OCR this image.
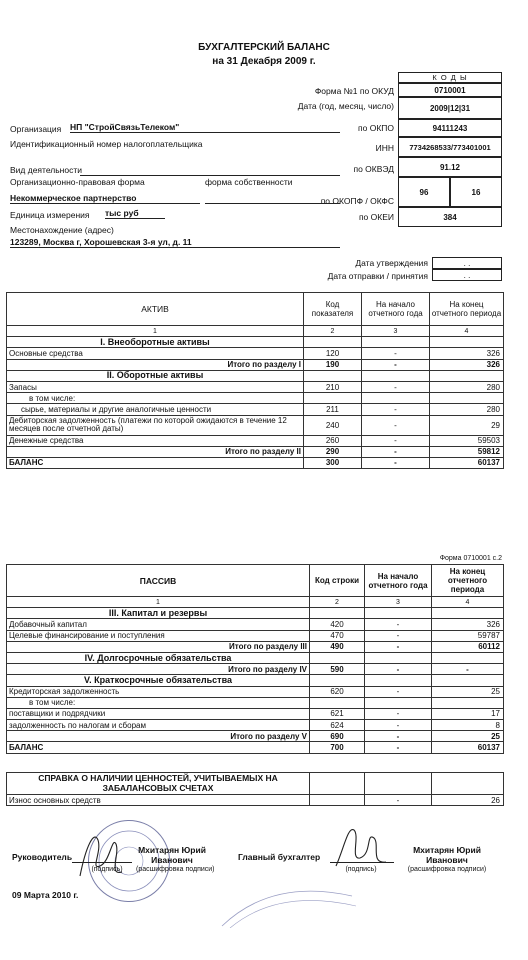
БУХГАЛТЕРСКИЙ БАЛАНС
на 31 Декабря 2009 г.
К О Д Ы
Форма №1 по ОКУД	0710001
Дата (год, месяц, число)	2009|12|31
по ОКПО	94111243
ИНН	7734268533/773401001
по ОКВЭД	91.12
по ОКОПФ / ОКФС
96	16
по ОКЕИ	384
Организация НП "СтройСвязьТелеком"
Идентификационный номер налогоплательщика
Вид деятельности
Организационно-правовая форма	форма собственности
Некоммерческое партнерство
Единица измерения тыс руб
Местонахождение (адрес)
123289, Москва г, Хорошевская 3-я ул, д. 11
Дата утверждения	. .
Дата отправки / принятия	. .
АКТИВ	Код показателя	На начало отчетного года	На конец отчетного периода
1	2	3	4
I. Внеоборотные активы			
Основные средства	120	-	326
Итого по разделу I	190	-	326
II. Оборотные активы			
Запасы	210	-	280
в том числе:			
сырье, материалы и другие аналогичные ценности	211	-	280
Дебиторская задолженность (платежи по которой ожидаются в течение 12 месяцев после отчетной даты)	240	-	29
Денежные средства	260	-	59503
Итого по разделу II	290	-	59812
БАЛАНС	300	-	60137
Форма 0710001 с.2
ПАССИВ	Код строки	На начало отчетного года	На конец отчетного периода
1	2	3	4
III. Капитал и резервы			
Добавочный капитал	420	-	326
Целевые финансирование и поступления	470	-	59787
Итого по разделу III	490	-	60112
IV. Долгосрочные обязательства			
Итого по разделу IV	590	-	-
V. Краткосрочные обязательства			
Кредиторская задолженность	620	-	25
в том числе:			
поставщики и подрядчики	621	-	17
задолженность по налогам и сборам	624	-	8
Итого по разделу V	690	-	25
БАЛАНС	700	-	60137
СПРАВКА О НАЛИЧИИ ЦЕННОСТЕЙ, УЧИТЫВАЕМЫХ НА ЗАБАЛАНСОВЫХ СЧЕТАХ			
Износ основных средств		-	26
Руководитель
Мхитарян Юрий Иванович
(подпись)	(расшифровка подписи)
Главный бухгалтер
Мхитарян Юрий Иванович
(подпись)	(расшифровка подписи)
09 Марта 2010 г.
